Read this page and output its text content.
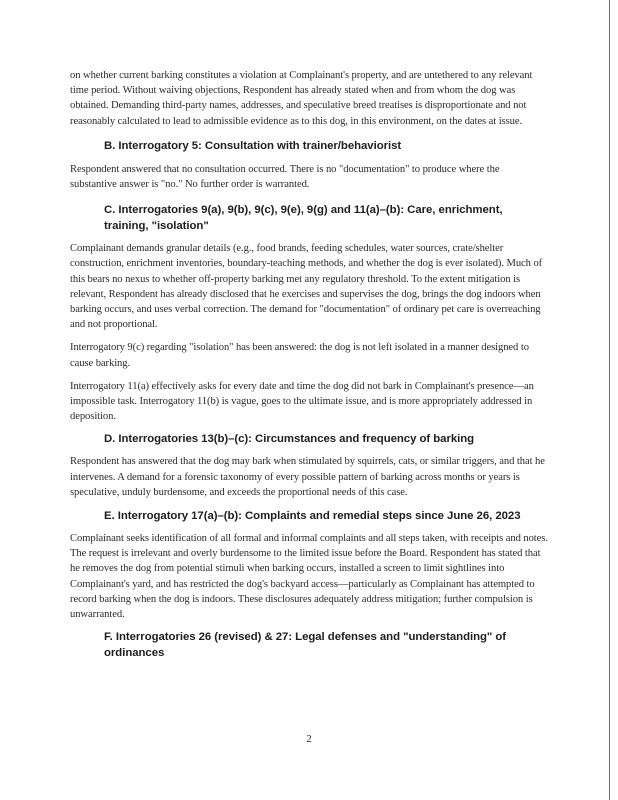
on whether current barking constitutes a violation at Complainant's property, and are untethered to any relevant time period. Without waiving objections, Respondent has already stated when and from whom the dog was obtained. Demanding third-party names, addresses, and speculative breed treatises is disproportionate and not reasonably calculated to lead to admissible evidence as to this dog, in this environment, on the dates at issue.

B. Interrogatory 5: Consultation with trainer/behaviorist

Respondent answered that no consultation occurred. There is no "documentation" to produce where the substantive answer is "no." No further order is warranted.

C. Interrogatories 9(a), 9(b), 9(c), 9(e), 9(g) and 11(a)–(b): Care, enrichment, training, "isolation"

Complainant demands granular details (e.g., food brands, feeding schedules, water sources, crate/shelter construction, enrichment inventories, boundary-teaching methods, and whether the dog is ever isolated). Much of this bears no nexus to whether off-property barking met any regulatory threshold. To the extent mitigation is relevant, Respondent has already disclosed that he exercises and supervises the dog, brings the dog indoors when barking occurs, and uses verbal correction. The demand for "documentation" of ordinary pet care is overreaching and not proportional.

Interrogatory 9(c) regarding "isolation" has been answered: the dog is not left isolated in a manner designed to cause barking.

Interrogatory 11(a) effectively asks for every date and time the dog did not bark in Complainant's presence—an impossible task. Interrogatory 11(b) is vague, goes to the ultimate issue, and is more appropriately addressed in deposition.

D. Interrogatories 13(b)–(c): Circumstances and frequency of barking

Respondent has answered that the dog may bark when stimulated by squirrels, cats, or similar triggers, and that he intervenes. A demand for a forensic taxonomy of every possible pattern of barking across months or years is speculative, unduly burdensome, and exceeds the proportional needs of this case.

E. Interrogatory 17(a)–(b): Complaints and remedial steps since June 26, 2023

Complainant seeks identification of all formal and informal complaints and all steps taken, with receipts and notes. The request is irrelevant and overly burdensome to the limited issue before the Board. Respondent has stated that he removes the dog from potential stimuli when barking occurs, installed a screen to limit sightlines into Complainant's yard, and has restricted the dog's backyard access—particularly as Complainant has attempted to record barking when the dog is indoors. These disclosures adequately address mitigation; further compulsion is unwarranted.

F. Interrogatories 26 (revised) & 27: Legal defenses and "understanding" of ordinances
2
